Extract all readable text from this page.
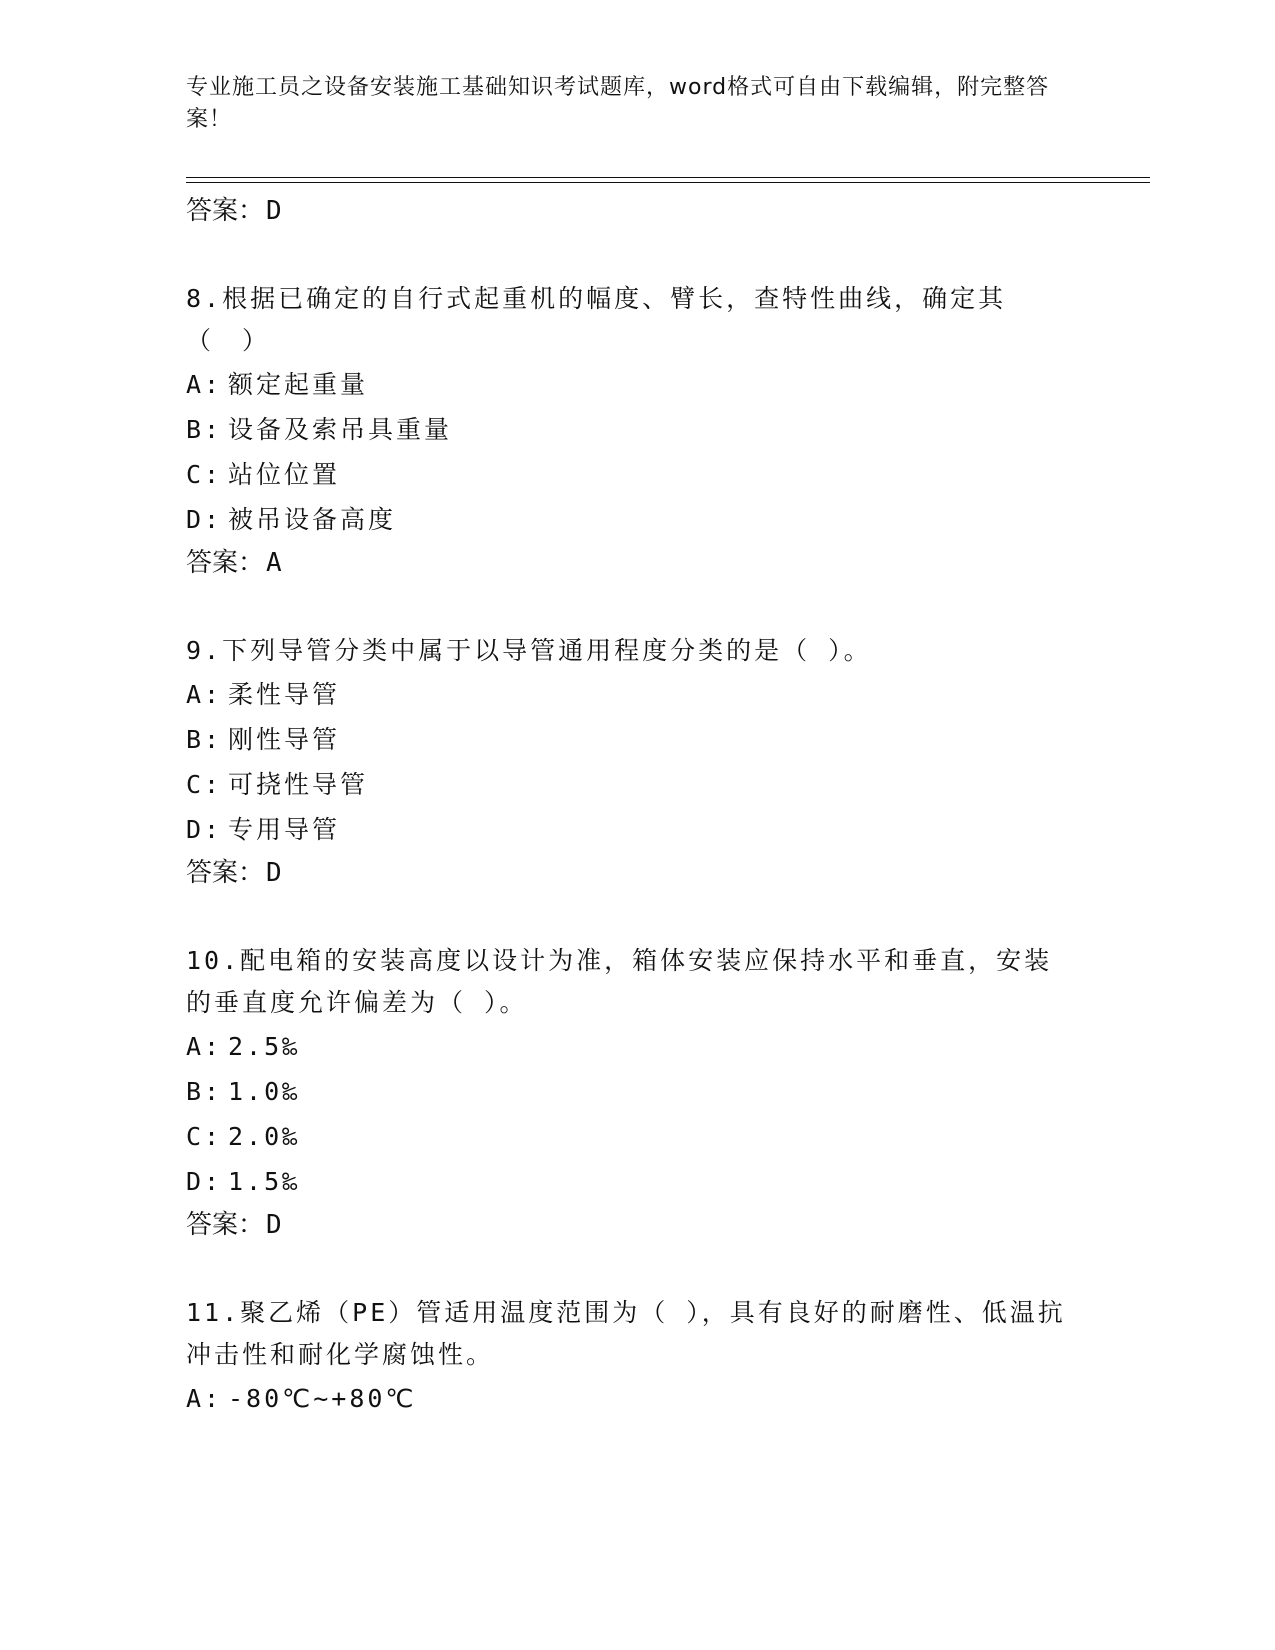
专业施工员之设备安装施工基础知识考试题库，word格式可自由下载编辑，附完整答案！
答案：D
8.根据已确定的自行式起重机的幅度、臂长，查特性曲线，确定其（　）
A: 额定起重量
B: 设备及索吊具重量
C: 站位位置
D: 被吊设备高度
答案：A
9.下列导管分类中属于以导管通用程度分类的是（ ）。
A: 柔性导管
B: 刚性导管
C: 可挠性导管
D: 专用导管
答案：D
10.配电箱的安装高度以设计为准，箱体安装应保持水平和垂直，安装的垂直度允许偏差为（ ）。
A: 2.5‰
B: 1.0‰
C: 2.0‰
D: 1.5‰
答案：D
11.聚乙烯（PE）管适用温度范围为（ ），具有良好的耐磨性、低温抗冲击性和耐化学腐蚀性。
A: -80℃~+80℃
